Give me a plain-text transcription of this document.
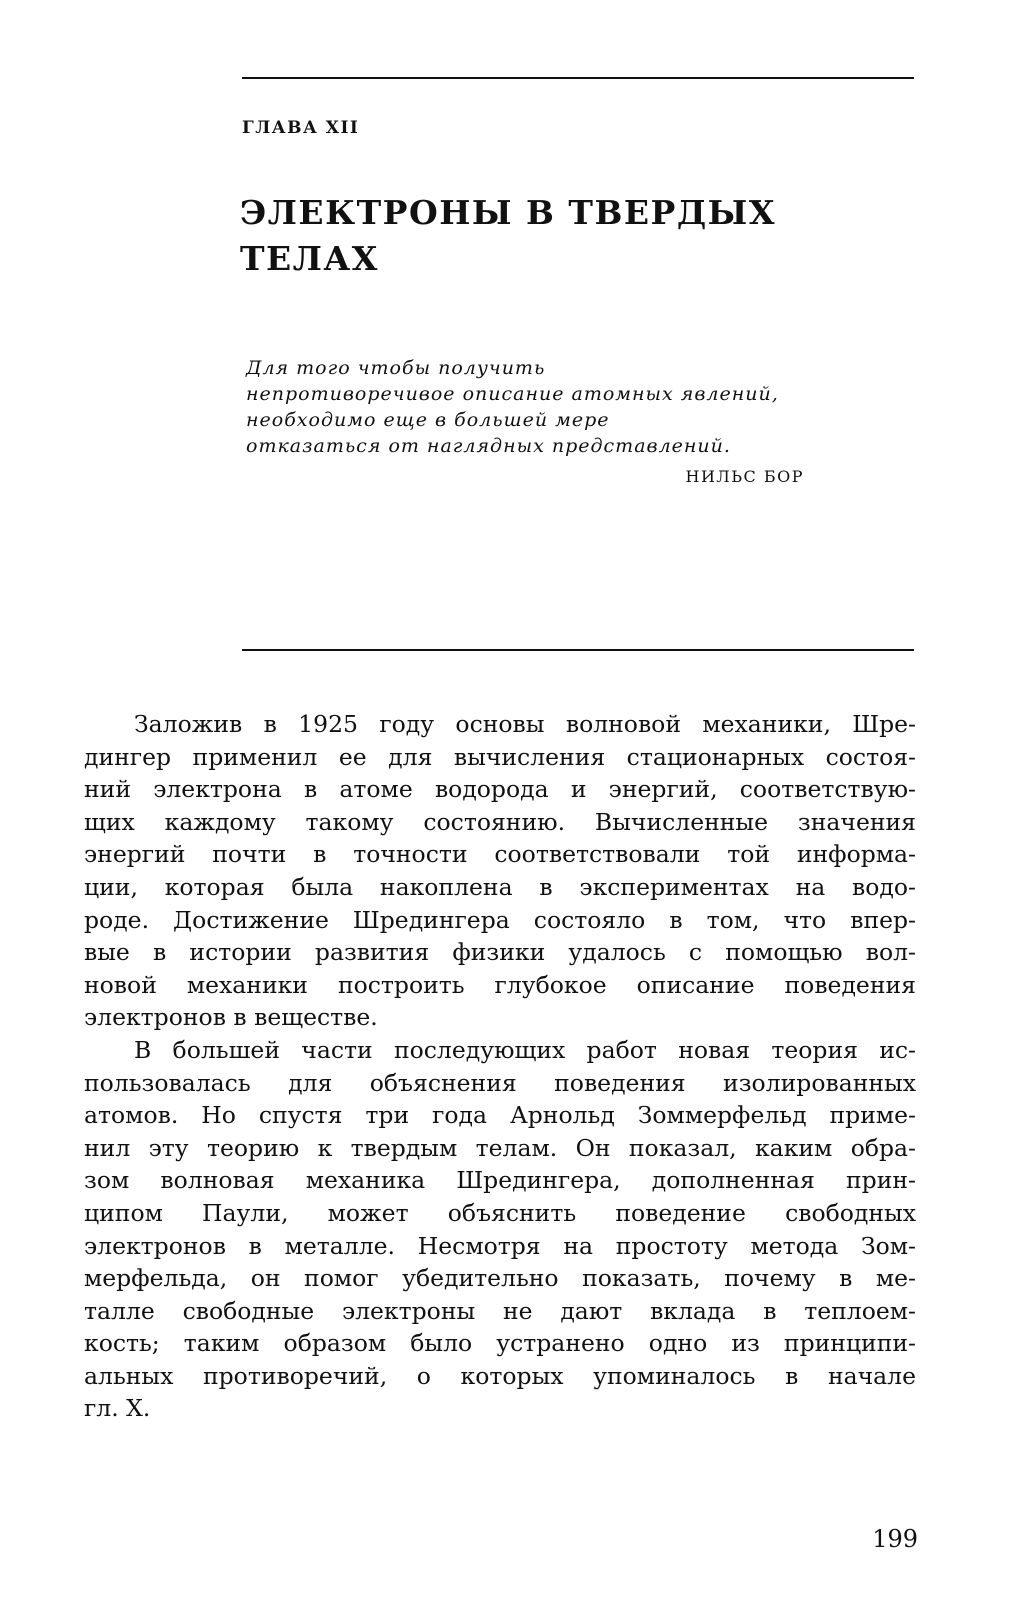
ГЛАВА XII
ЭЛЕКТРОНЫ В ТВЕРДЫХ
ТЕЛАХ
Для того чтобы получить
непротиворечивое описание атомных явлений,
необходимо еще в большей мере
отказаться от наглядных представлений.
НИЛЬС БОР
Заложив в 1925 году основы волновой механики, Шре-
дингер применил ее для вычисления стационарных состоя-
ний электрона в атоме водорода и энергий, соответствую-
щих каждому такому состоянию. Вычисленные значения
энергий почти в точности соответствовали той информа-
ции, которая была накоплена в экспериментах на водо-
роде. Достижение Шредингера состояло в том, что впер-
вые в истории развития физики удалось с помощью вол-
новой механики построить глубокое описание поведения
электронов в веществе.
В большей части последующих работ новая теория ис-
пользовалась для объяснения поведения изолированных
атомов. Но спустя три года Арнольд Зоммерфельд приме-
нил эту теорию к твердым телам. Он показал, каким обра-
зом волновая механика Шредингера, дополненная прин-
ципом Паули, может объяснить поведение свободных
электронов в металле. Несмотря на простоту метода Зом-
мерфельда, он помог убедительно показать, почему в ме-
талле свободные электроны не дают вклада в теплоем-
кость; таким образом было устранено одно из принципи-
альных противоречий, о которых упоминалось в начале
гл. X.
199
